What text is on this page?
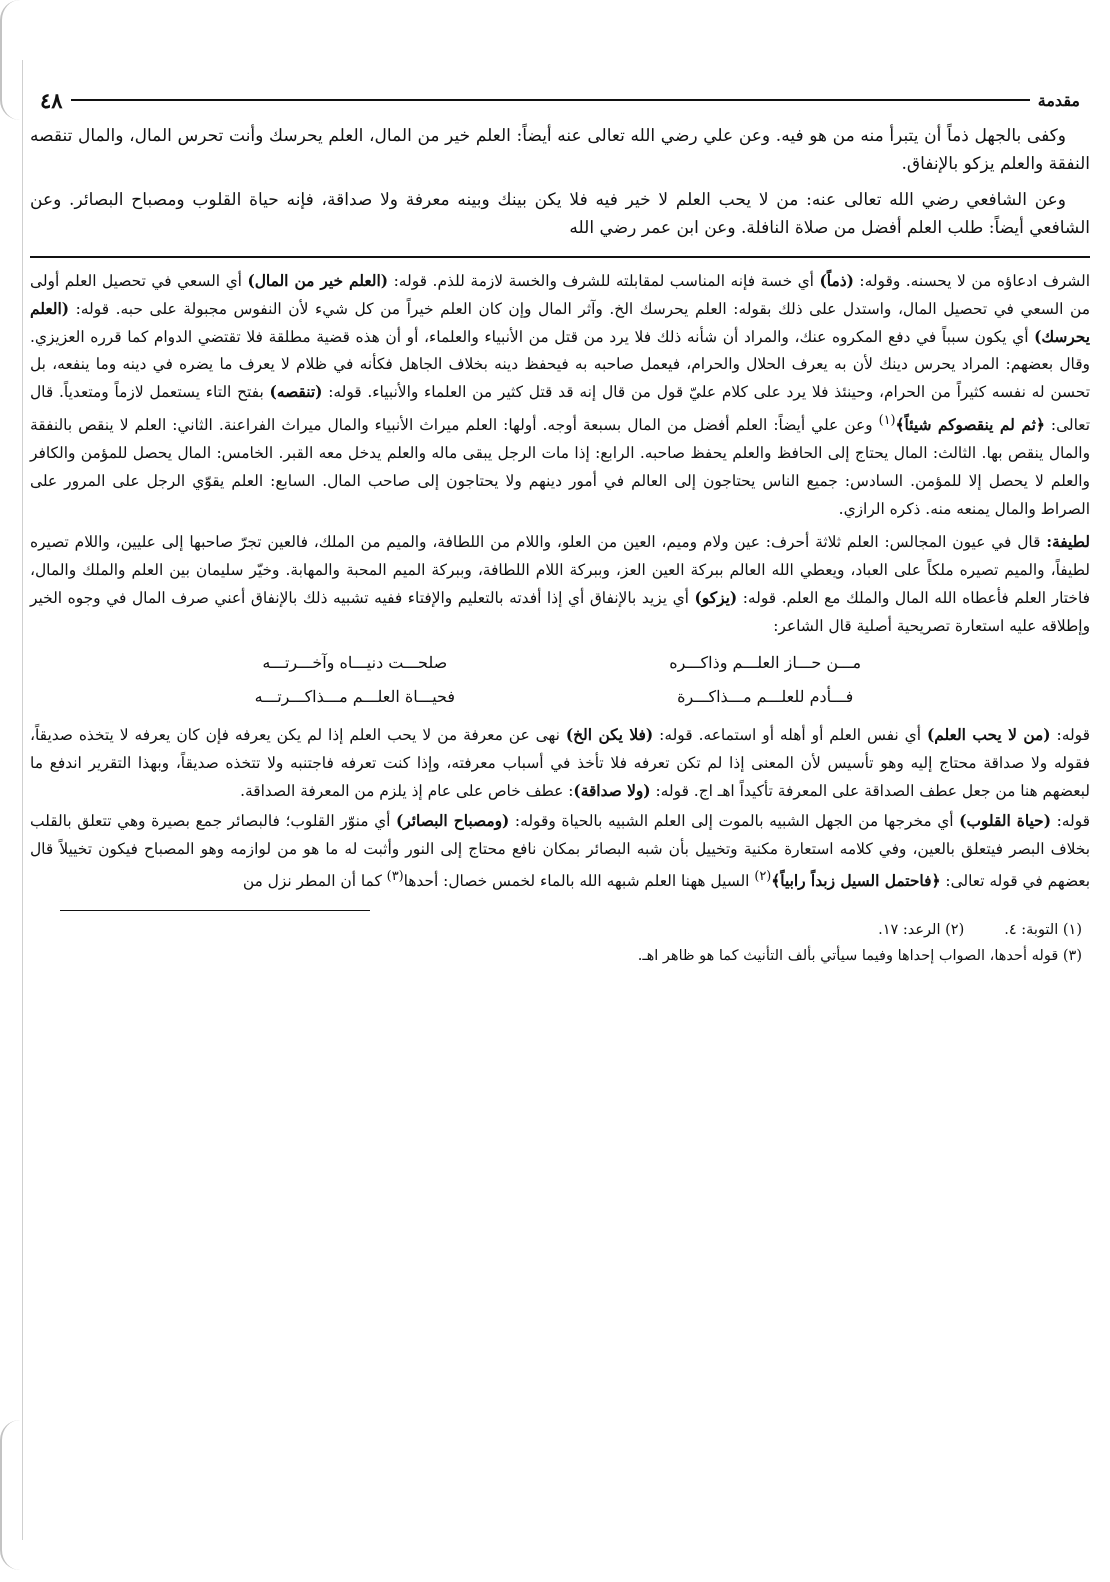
مقدمة
٤٨

وكفى بالجهل ذماً أن يتبرأ منه من هو فيه. وعن علي رضي الله تعالى عنه أيضاً: العلم خير من المال، العلم يحرسك وأنت تحرس المال، والمال تنقصه النفقة والعلم يزكو بالإنفاق.

وعن الشافعي رضي الله تعالى عنه: من لا يحب العلم لا خير فيه فلا يكن بينك وبينه معرفة ولا صداقة، فإنه حياة القلوب ومصباح البصائر. وعن الشافعي أيضاً: طلب العلم أفضل من صلاة النافلة. وعن ابن عمر رضي الله

الشرف ادعاؤه من لا يحسنه. وقوله: (ذماً) أي خسة فإنه المناسب لمقابلته للشرف والخسة لازمة للذم. قوله: (العلم خير من المال) أي السعي في تحصيل العلم أولى من السعي في تحصيل المال، واستدل على ذلك بقوله: العلم يحرسك الخ. وآثر المال وإن كان العلم خيراً من كل شيء لأن النفوس مجبولة على حبه. قوله: (العلم يحرسك) أي يكون سبباً في دفع المكروه عنك، والمراد أن شأنه ذلك فلا يرد من قتل من الأنبياء والعلماء، أو أن هذه قضية مطلقة فلا تقتضي الدوام كما قرره العزيزي. وقال بعضهم: المراد يحرس دينك لأن به يعرف الحلال والحرام، فيعمل صاحبه به فيحفظ دينه بخلاف الجاهل فكأنه في ظلام لا يعرف ما يضره في دينه وما ينفعه، بل تحسن له نفسه كثيراً من الحرام، وحينئذ فلا يرد على كلام عليّ قول من قال إنه قد قتل كثير من العلماء والأنبياء. قوله: (تنقصه) بفتح التاء يستعمل لازماً ومتعدياً. قال تعالى: ﴿ثم لم ينقصوكم شيئاً﴾$^{(١)}$ وعن علي أيضاً: العلم أفضل من المال بسبعة أوجه. أولها: العلم ميراث الأنبياء والمال ميراث الفراعنة. الثاني: العلم لا ينقص بالنفقة والمال ينقص بها. الثالث: المال يحتاج إلى الحافظ والعلم يحفظ صاحبه. الرابع: إذا مات الرجل يبقى ماله والعلم يدخل معه القبر. الخامس: المال يحصل للمؤمن والكافر والعلم لا يحصل إلا للمؤمن. السادس: جميع الناس يحتاجون إلى العالم في أمور دينهم ولا يحتاجون إلى صاحب المال. السابع: العلم يقوّي الرجل على المرور على الصراط والمال يمنعه منه. ذكره الرازي.

لطيفة: قال في عيون المجالس: العلم ثلاثة أحرف: عين ولام وميم، العين من العلو، واللام من اللطافة، والميم من الملك، فالعين تجرّ صاحبها إلى عليين، واللام تصيره لطيفاً، والميم تصيره ملكاً على العباد، ويعطي الله العالم ببركة العين العز، وببركة اللام اللطافة، وببركة الميم المحبة والمهابة. وخيّر سليمان بين العلم والملك والمال، فاختار العلم فأعطاه الله المال والملك مع العلم. قوله: (يزكو) أي يزيد بالإنفاق أي إذا أفدته بالتعليم والإفتاء ففيه تشبيه ذلك بالإنفاق أعني صرف المال في وجوه الخير وإطلاقه عليه استعارة تصريحية أصلية قال الشاعر:

مـــن حـــاز العلـــم وذاكـــره
صلحـــت دنيـــاه وآخـــرتـــه
فـــأدم للعلـــم مـــذاكـــرة
فحيـــاة العلـــم مـــذاكـــرتـــه

قوله: (من لا يحب العلم) أي نفس العلم أو أهله أو استماعه. قوله: (فلا يكن الخ) نهى عن معرفة من لا يحب العلم إذا لم يكن يعرفه فإن كان يعرفه لا يتخذه صديقاً، فقوله ولا صداقة محتاج إليه وهو تأسيس لأن المعنى إذا لم تكن تعرفه فلا تأخذ في أسباب معرفته، وإذا كنت تعرفه فاجتنبه ولا تتخذه صديقاً، وبهذا التقرير اندفع ما لبعضهم هنا من جعل عطف الصداقة على المعرفة تأكيداً اهـ اج. قوله: (ولا صداقة): عطف خاص على عام إذ يلزم من المعرفة الصداقة.

قوله: (حياة القلوب) أي مخرجها من الجهل الشبيه بالموت إلى العلم الشبيه بالحياة وقوله: (ومصباح البصائر) أي منوّر القلوب؛ فالبصائر جمع بصيرة وهي تتعلق بالقلب بخلاف البصر فيتعلق بالعين، وفي كلامه استعارة مكنية وتخييل بأن شبه البصائر بمكان نافع محتاج إلى النور وأثبت له ما هو من لوازمه وهو المصباح فيكون تخييلاً قال بعضهم في قوله تعالى: ﴿فاحتمل السيل زبداً رابياً﴾$^{(٢)}$ السيل ههنا العلم شبهه الله بالماء لخمس خصال: أحدها$^{(٣)}$ كما أن المطر نزل من

(١) التوبة: ٤.
(٢) الرعد: ١٧.
(٣) قوله أحدها، الصواب إحداها وفيما سيأتي بألف التأنيث كما هو ظاهر اهـ.
